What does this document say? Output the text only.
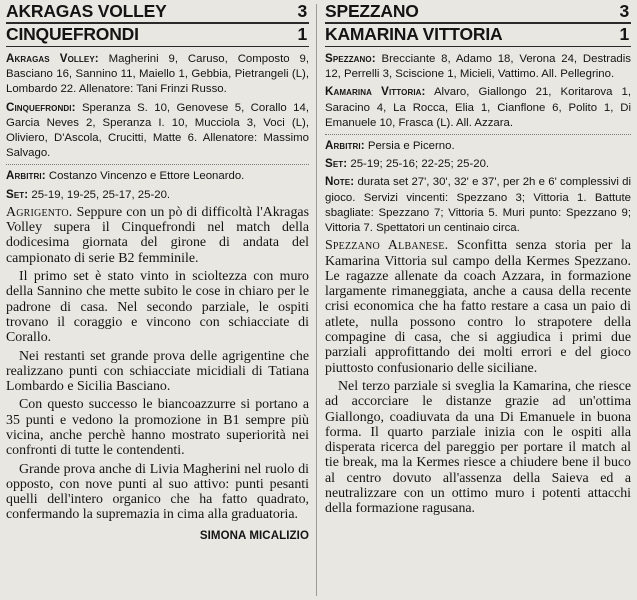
AKRAGAS VOLLEY	3
CINQUEFRONDI	1

Akragas Volley: Magherini 9, Caruso, Composto 9, Basciano 16, Sannino 11, Maiello 1, Gebbia, Pietrangeli (L), Lombardo 22. Allenatore: Tani Frinzi Russo.

Cinquefrondi: Speranza S. 10, Genovese 5, Corallo 14, Garcia Neves 2, Speranza I. 10, Mucciola 3, Voci (L), Oliviero, D'Ascola, Crucitti, Matte 6. Allenatore: Massimo Salvago.

Arbitri: Costanzo Vincenzo e Ettore Leonardo.

Set: 25-19, 19-25, 25-17, 25-20.

Agrigento. Seppure con un pò di difficoltà l'Akragas Volley supera il Cinquefrondi nel match della dodicesima giornata del girone di andata del campionato di serie B2 femminile.

Il primo set è stato vinto in scioltezza con muro della Sannino che mette subito le cose in chiaro per le padrone di casa. Nel secondo parziale, le ospiti trovano il coraggio e vincono con schiacciate di Corallo.

Nei restanti set grande prova delle agrigentine che realizzano punti con schiacciate micidiali di Tatiana Lombardo e Sicilia Basciano.

Con questo successo le biancoazzurre si portano a 35 punti e vedono la promozione in B1 sempre più vicina, anche perchè hanno mostrato superiorità nei confronti di tutte le contendenti.

Grande prova anche di Livia Magherini nel ruolo di opposto, con nove punti al suo attivo: punti pesanti quelli dell'intero organico che ha fatto quadrato, confermando la supremazia in cima alla graduatoria.

SIMONA MICALIZIO
SPEZZANO	3
KAMARINA VITTORIA	1

Spezzano: Brecciante 8, Adamo 18, Verona 24, Destradis 12, Perrelli 3, Sciscione 1, Micieli, Vattimo. All. Pellegrino.

Kamarina Vittoria: Alvaro, Giallongo 21, Koritarova 1, Saracino 4, La Rocca, Elia 1, Cianflone 6, Polito 1, Di Emanuele 10, Frasca (L). All. Azzara.

Arbitri: Persia e Picerno.

Set: 25-19; 25-16; 22-25; 25-20.

Note: durata set 27', 30', 32' e 37', per 2h e 6' complessivi di gioco. Servizi vincenti: Spezzano 3; Vittoria 1. Battute sbagliate: Spezzano 7; Vittoria 5. Muri punto: Spezzano 9; Vittoria 7. Spettatori un centinaio circa.

Spezzano Albanese. Sconfitta senza storia per la Kamarina Vittoria sul campo della Kermes Spezzano. Le ragazze allenate da coach Azzara, in formazione largamente rimaneggiata, anche a causa della recente crisi economica che ha fatto restare a casa un paio di atlete, nulla possono contro lo strapotere della compagine di casa, che si aggiudica i primi due parziali approfittando dei molti errori e del gioco piuttosto confusionario delle siciliane.

Nel terzo parziale si sveglia la Kamarina, che riesce ad accorciare le distanze grazie ad un'ottima Giallongo, coadiuvata da una Di Emanuele in buona forma. Il quarto parziale inizia con le ospiti alla disperata ricerca del pareggio per portare il match al tie break, ma la Kermes riesce a chiudere bene il buco al centro dovuto all'assenza della Saieva ed a neutralizzare con un ottimo muro i potenti attacchi della formazione ragusana.
